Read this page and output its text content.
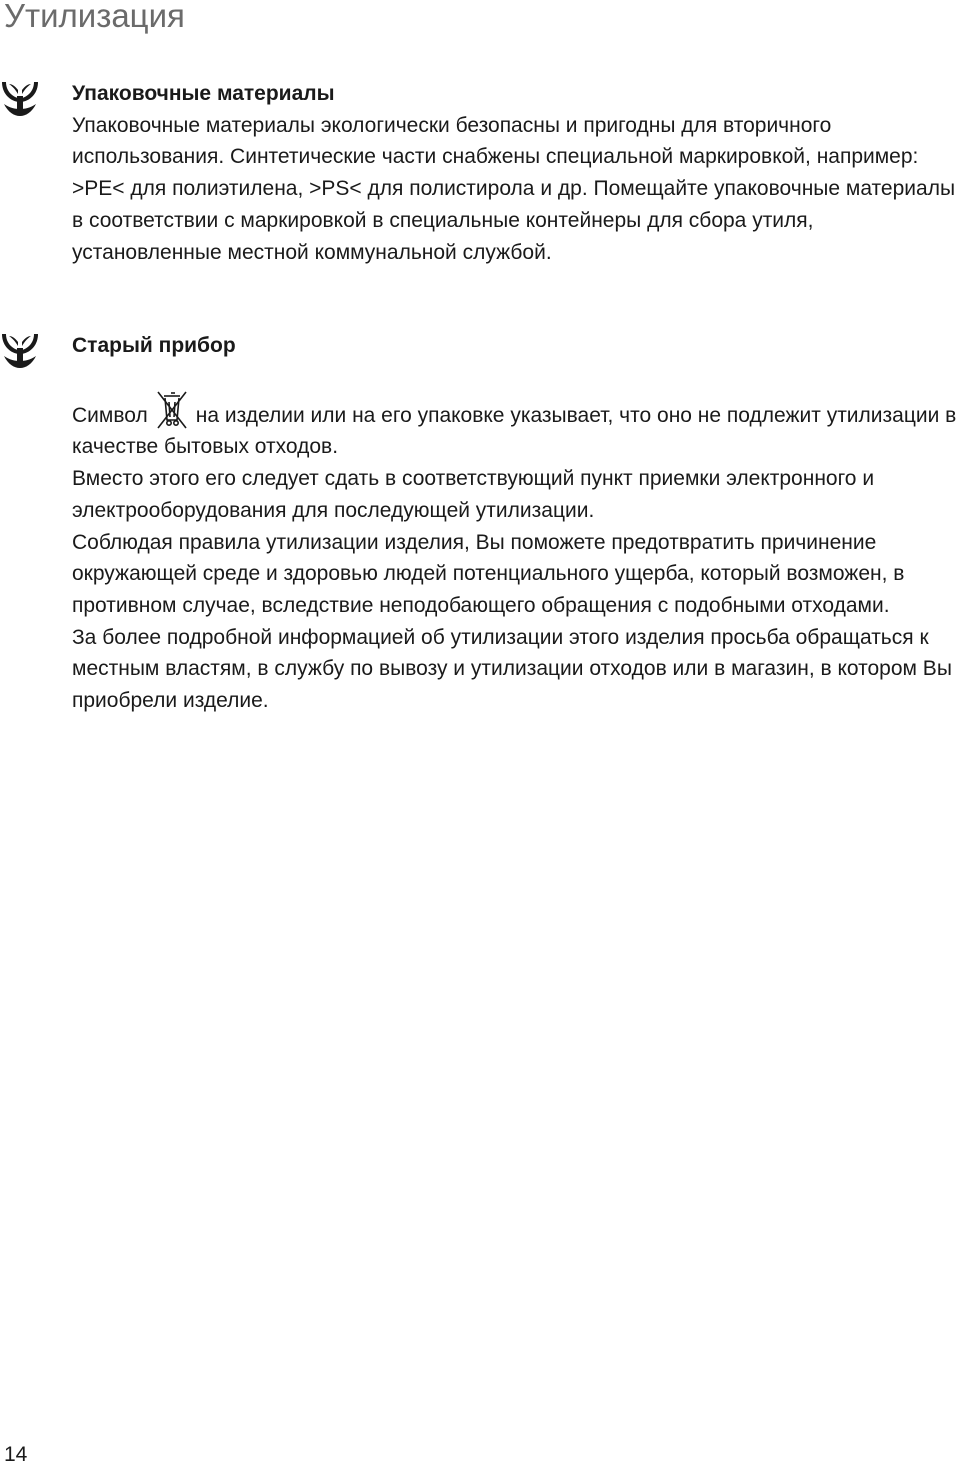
Утилизация

Упаковочные материалы

Упаковочные материалы экологически безопасны и пригодны для вторичного использования. Синтетические части снабжены специальной маркировкой, например: >PE< для полиэтилена, >PS< для полистирола и др. Помещайте упаковочные материалы в соответствии с маркировкой в специальные контейнеры для сбора утиля, установленные местной коммунальной службой.

Старый прибор

Символ на изделии или на его упаковке указывает, что оно не подлежит утилизации в качестве бытовых отходов.

Вместо этого его следует сдать в соответствующий пункт приемки электронного и электрооборудования для последующей утилизации.

Соблюдая правила утилизации изделия, Вы поможете предотвратить причинение окружающей среде и здоровью людей потенциального ущерба, который возможен, в противном случае, вследствие неподобающего обращения с подобными отходами.

За более подробной информацией об утилизации этого изделия просьба обращаться к местным властям, в службу по вывозу и утилизации отходов или в магазин, в котором Вы приобрели изделие.

14
